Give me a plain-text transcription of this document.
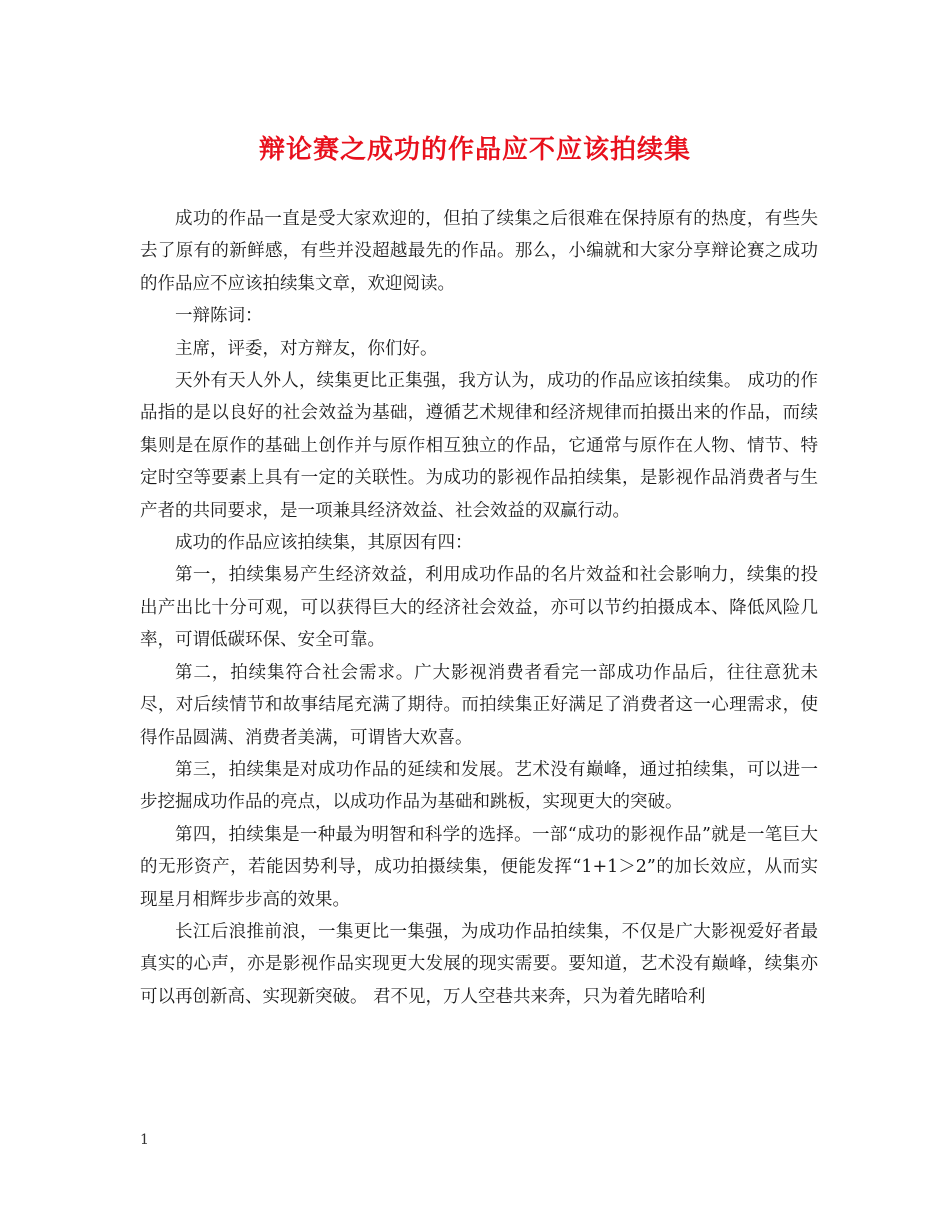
辩论赛之成功的作品应不应该拍续集

成功的作品一直是受大家欢迎的，但拍了续集之后很难在保持原有的热度，有些失去了原有的新鲜感，有些并没超越最先的作品。那么，小编就和大家分享辩论赛之成功的作品应不应该拍续集文章，欢迎阅读。

一辩陈词：

主席，评委，对方辩友，你们好。

天外有天人外人，续集更比正集强，我方认为，成功的作品应该拍续集。 成功的作品指的是以良好的社会效益为基础，遵循艺术规律和经济规律而拍摄出来的作品，而续集则是在原作的基础上创作并与原作相互独立的作品，它通常与原作在人物、情节、特定时空等要素上具有一定的关联性。为成功的影视作品拍续集，是影视作品消费者与生产者的共同要求，是一项兼具经济效益、社会效益的双赢行动。

成功的作品应该拍续集，其原因有四：

第一，拍续集易产生经济效益，利用成功作品的名片效益和社会影响力，续集的投出产出比十分可观，可以获得巨大的经济社会效益，亦可以节约拍摄成本、降低风险几率，可谓低碳环保、安全可靠。

第二，拍续集符合社会需求。广大影视消费者看完一部成功作品后，往往意犹未尽，对后续情节和故事结尾充满了期待。而拍续集正好满足了消费者这一心理需求，使得作品圆满、消费者美满，可谓皆大欢喜。

第三，拍续集是对成功作品的延续和发展。艺术没有巅峰，通过拍续集，可以进一步挖掘成功作品的亮点，以成功作品为基础和跳板，实现更大的突破。

第四，拍续集是一种最为明智和科学的选择。一部“成功的影视作品”就是一笔巨大的无形资产，若能因势利导，成功拍摄续集，便能发挥“1+1＞2”的加长效应，从而实现星月相辉步步高的效果。

长江后浪推前浪，一集更比一集强，为成功作品拍续集，不仅是广大影视爱好者最真实的心声，亦是影视作品实现更大发展的现实需要。要知道，艺术没有巅峰，续集亦可以再创新高、实现新突破。 君不见，万人空巷共来奔，只为着先睹哈利

1
